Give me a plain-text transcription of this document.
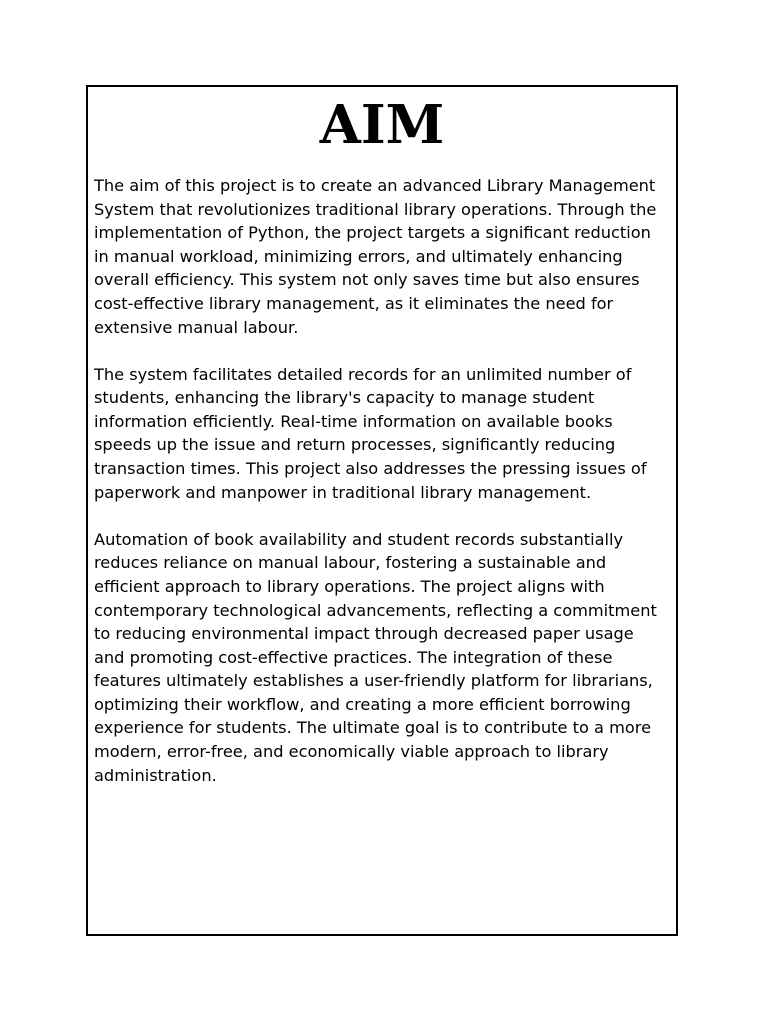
AIM

The aim of this project is to create an advanced Library Management
System that revolutionizes traditional library operations. Through the
implementation of Python, the project targets a significant reduction
in manual workload, minimizing errors, and ultimately enhancing
overall efficiency. This system not only saves time but also ensures
cost-effective library management, as it eliminates the need for
extensive manual labour.

The system facilitates detailed records for an unlimited number of
students, enhancing the library's capacity to manage student
information efficiently. Real-time information on available books
speeds up the issue and return processes, significantly reducing
transaction times. This project also addresses the pressing issues of
paperwork and manpower in traditional library management.

Automation of book availability and student records substantially
reduces reliance on manual labour, fostering a sustainable and
efficient approach to library operations. The project aligns with
contemporary technological advancements, reflecting a commitment
to reducing environmental impact through decreased paper usage
and promoting cost-effective practices. The integration of these
features ultimately establishes a user-friendly platform for librarians,
optimizing their workflow, and creating a more efficient borrowing
experience for students. The ultimate goal is to contribute to a more
modern, error-free, and economically viable approach to library
administration.
